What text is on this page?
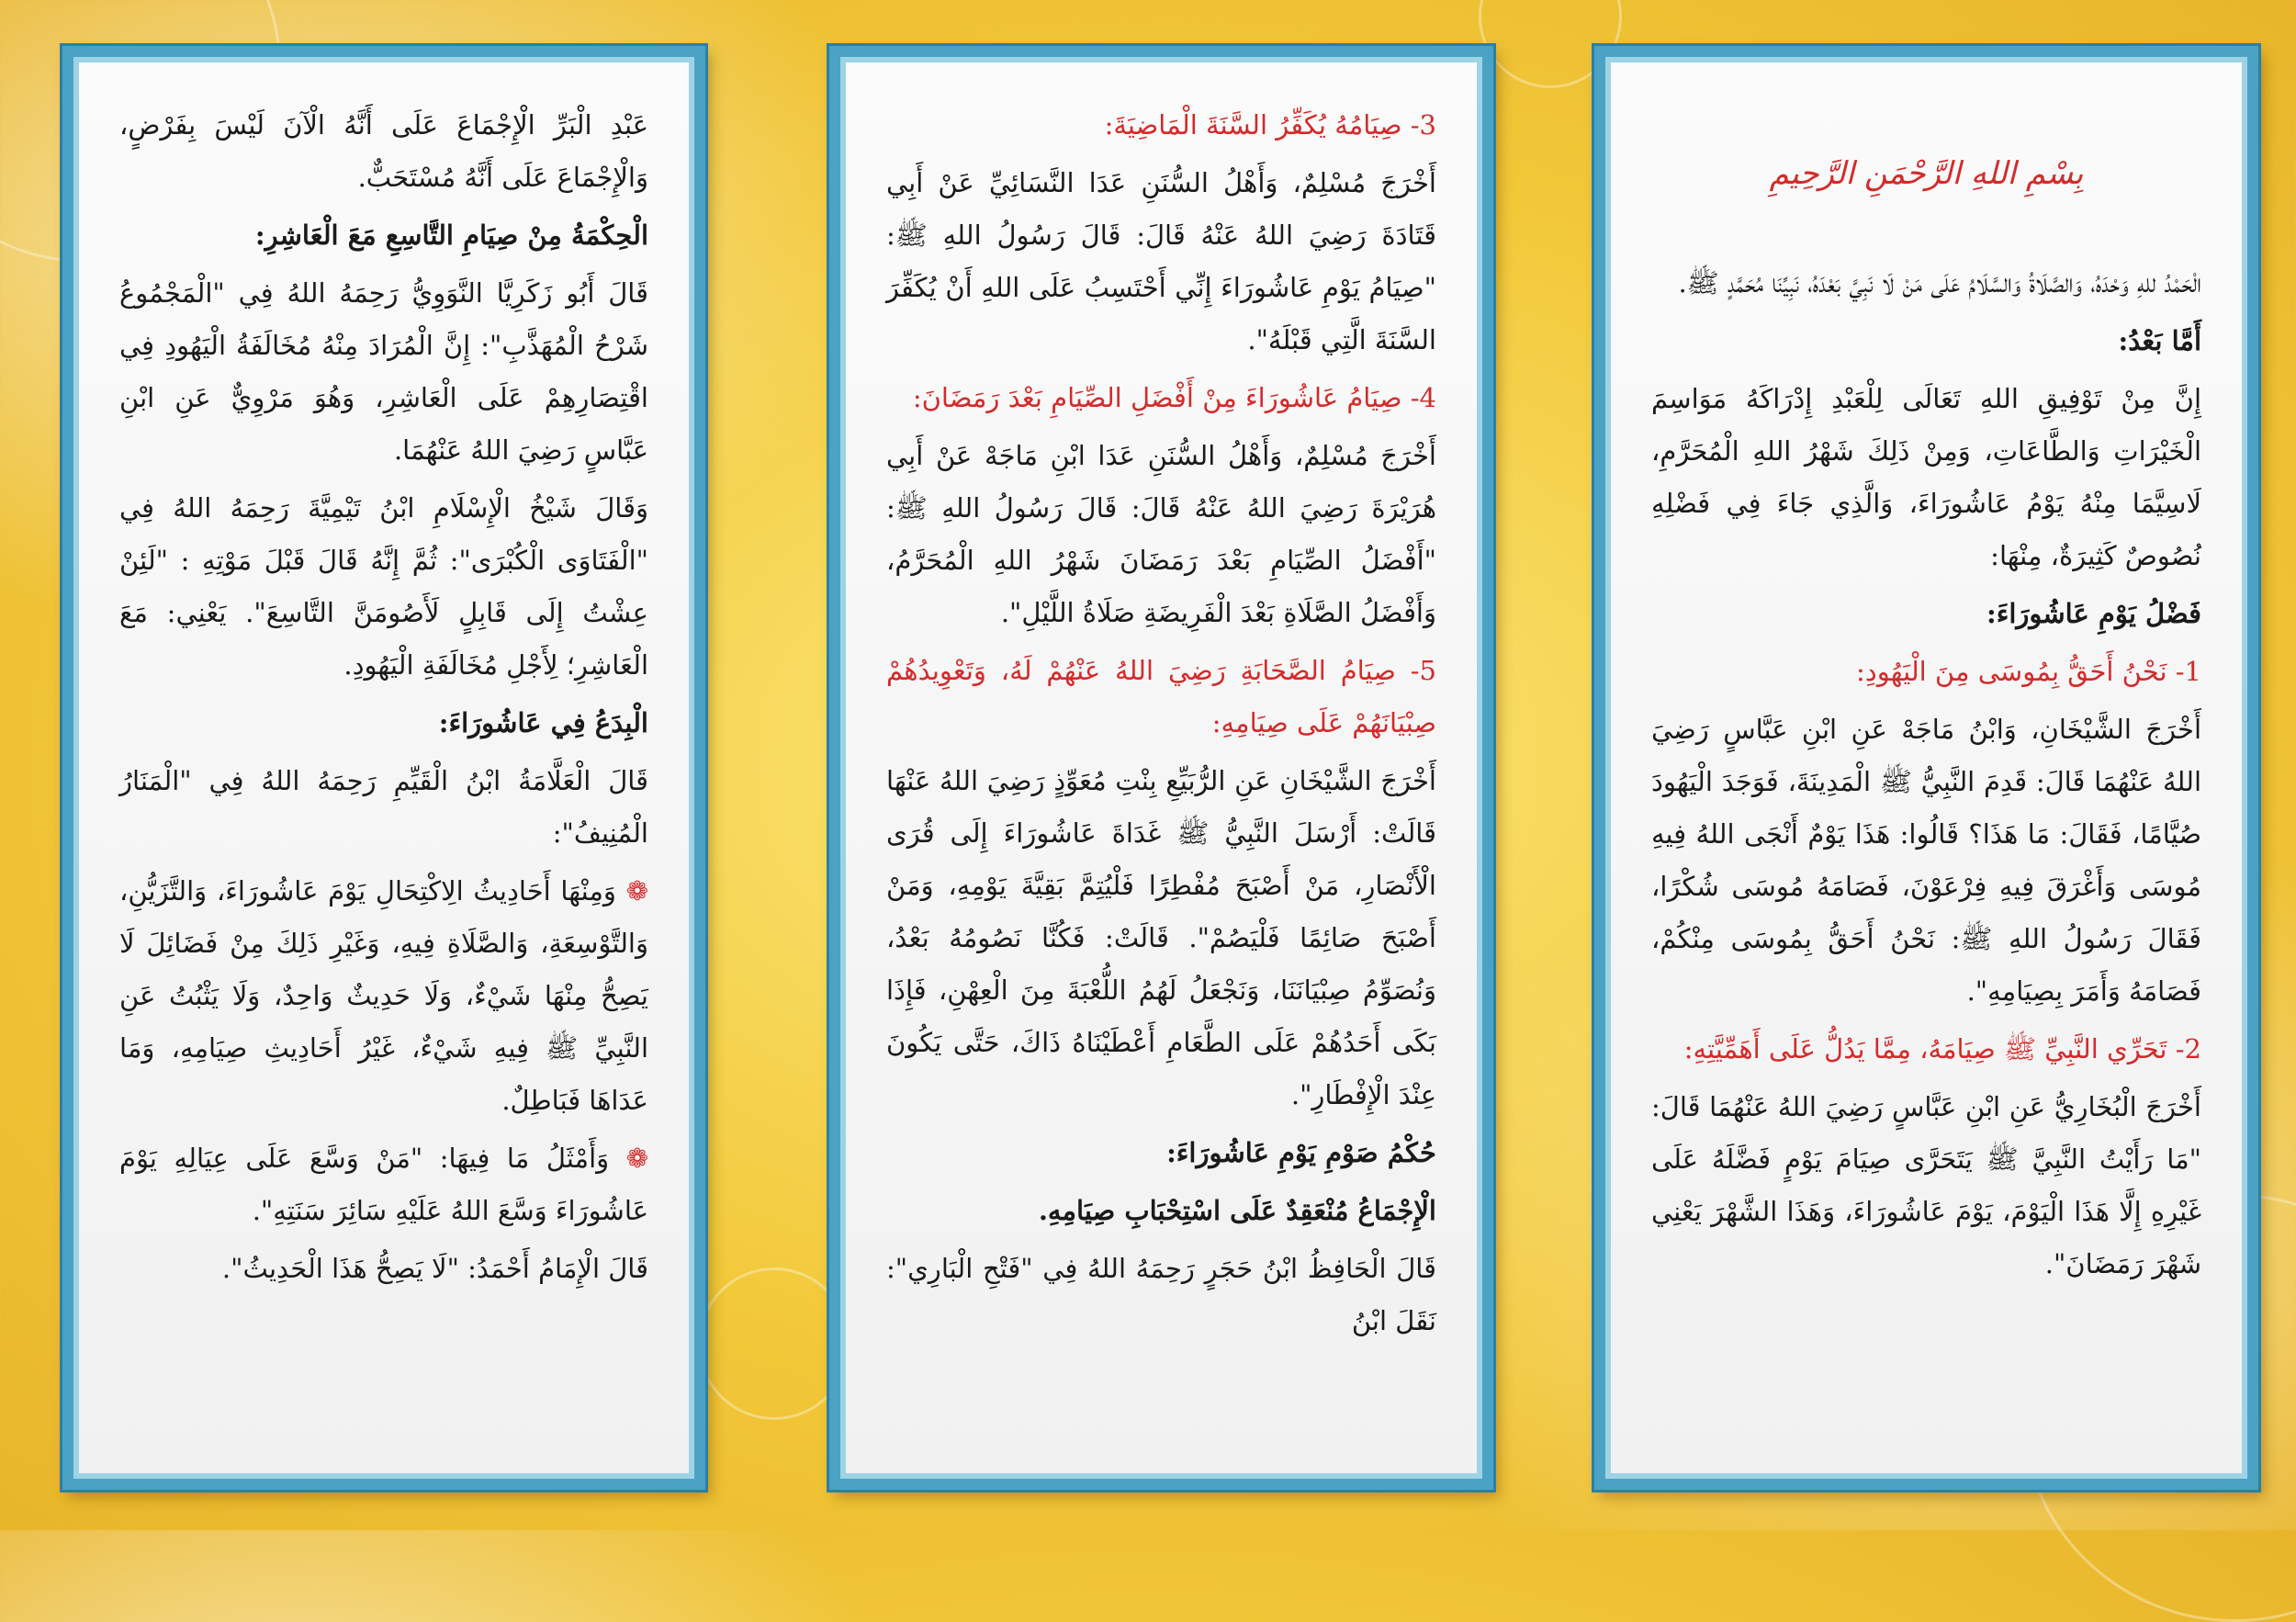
بِسْمِ اللهِ الرَّحْمَنِ الرَّحِيمِ

الْحَمْدُ للهِ وَحْدَهُ، وَالصَّلَاةُ وَالسَّلَامُ عَلَى مَنْ لَا نَبِيَّ بَعْدَهُ، نَبِيِّنَا مُحَمَّدٍ ﷺ.

أَمَّا بَعْدُ:

إِنَّ مِنْ تَوْفِيقِ اللهِ تَعَالَى لِلْعَبْدِ إِدْرَاكَهُ مَوَاسِمَ الْخَيْرَاتِ وَالطَّاعَاتِ، وَمِنْ ذَلِكَ شَهْرُ اللهِ الْمُحَرَّمِ، لَاسِيَّمَا مِنْهُ يَوْمُ عَاشُورَاءَ، وَالَّذِي جَاءَ فِي فَضْلِهِ نُصُوصٌ كَثِيرَةٌ، مِنْهَا:

فَضْلُ يَوْمِ عَاشُورَاءَ:

1- نَحْنُ أَحَقُّ بِمُوسَى مِنَ الْيَهُودِ:

أَخْرَجَ الشَّيْخَانِ، وَابْنُ مَاجَهْ عَنِ ابْنِ عَبَّاسٍ رَضِيَ اللهُ عَنْهُمَا قَالَ: قَدِمَ النَّبِيُّ ﷺ الْمَدِينَةَ، فَوَجَدَ الْيَهُودَ صُيَّامًا، فَقَالَ: مَا هَذَا؟ قَالُوا: هَذَا يَوْمٌ أَنْجَى اللهُ فِيهِ مُوسَى وَأَغْرَقَ فِيهِ فِرْعَوْنَ، فَصَامَهُ مُوسَى شُكْرًا، فَقَالَ رَسُولُ اللهِ ﷺ: نَحْنُ أَحَقُّ بِمُوسَى مِنْكُمْ، فَصَامَهُ وَأَمَرَ بِصِيَامِهِ".

2- تَحَرِّي النَّبِيِّ ﷺ صِيَامَهُ، مِمَّا يَدُلُّ عَلَى أَهَمِّيَّتِهِ:

أَخْرَجَ الْبُخَارِيُّ عَنِ ابْنِ عَبَّاسٍ رَضِيَ اللهُ عَنْهُمَا قَالَ: "مَا رَأَيْتُ النَّبِيَّ ﷺ يَتَحَرَّى صِيَامَ يَوْمٍ فَضَّلَهُ عَلَى غَيْرِهِ إِلَّا هَذَا الْيَوْمَ، يَوْمَ عَاشُورَاءَ، وَهَذَا الشَّهْرَ يَعْنِي شَهْرَ رَمَضَانَ".

3- صِيَامُهُ يُكَفِّرُ السَّنَةَ الْمَاضِيَةَ:

أَخْرَجَ مُسْلِمٌ، وَأَهْلُ السُّنَنِ عَدَا النَّسَائِيِّ عَنْ أَبِي قَتَادَةَ رَضِيَ اللهُ عَنْهُ قَالَ: قَالَ رَسُولُ اللهِ ﷺ: "صِيَامُ يَوْمِ عَاشُورَاءَ إِنِّي أَحْتَسِبُ عَلَى اللهِ أَنْ يُكَفِّرَ السَّنَةَ الَّتِي قَبْلَهُ".

4- صِيَامُ عَاشُورَاءَ مِنْ أَفْضَلِ الصِّيَامِ بَعْدَ رَمَضَانَ:

أَخْرَجَ مُسْلِمٌ، وَأَهْلُ السُّنَنِ عَدَا ابْنِ مَاجَهْ عَنْ أَبِي هُرَيْرَةَ رَضِيَ اللهُ عَنْهُ قَالَ: قَالَ رَسُولُ اللهِ ﷺ: "أَفْضَلُ الصِّيَامِ بَعْدَ رَمَضَانَ شَهْرُ اللهِ الْمُحَرَّمُ، وَأَفْضَلُ الصَّلَاةِ بَعْدَ الْفَرِيضَةِ صَلَاةُ اللَّيْلِ".

5- صِيَامُ الصَّحَابَةِ رَضِيَ اللهُ عَنْهُمْ لَهُ، وَتَعْوِيدُهُمْ صِبْيَانَهُمْ عَلَى صِيَامِهِ:

أَخْرَجَ الشَّيْخَانِ عَنِ الرُّبَيِّعِ بِنْتِ مُعَوِّذٍ رَضِيَ اللهُ عَنْهَا قَالَتْ: أَرْسَلَ النَّبِيُّ ﷺ غَدَاةَ عَاشُورَاءَ إِلَى قُرَى الْأَنْصَارِ، مَنْ أَصْبَحَ مُفْطِرًا فَلْيُتِمَّ بَقِيَّةَ يَوْمِهِ، وَمَنْ أَصْبَحَ صَائِمًا فَلْيَصُمْ". قَالَتْ: فَكُنَّا نَصُومُهُ بَعْدُ، وَنُصَوِّمُ صِبْيَانَنَا، وَنَجْعَلُ لَهُمُ اللُّعْبَةَ مِنَ الْعِهْنِ، فَإِذَا بَكَى أَحَدُهُمْ عَلَى الطَّعَامِ أَعْطَيْنَاهُ ذَاكَ، حَتَّى يَكُونَ عِنْدَ الْإِفْطَارِ".

حُكْمُ صَوْمِ يَوْمِ عَاشُورَاءَ:

الْإِجْمَاعُ مُنْعَقِدٌ عَلَى اسْتِحْبَابِ صِيَامِهِ.

قَالَ الْحَافِظُ ابْنُ حَجَرٍ رَحِمَهُ اللهُ فِي "فَتْحِ الْبَارِي": نَقَلَ ابْنُ

عَبْدِ الْبَرِّ الْإِجْمَاعَ عَلَى أَنَّهُ الْآنَ لَيْسَ بِفَرْضٍ، وَالْإِجْمَاعَ عَلَى أَنَّهُ مُسْتَحَبٌّ.

الْحِكْمَةُ مِنْ صِيَامِ التَّاسِعِ مَعَ الْعَاشِرِ:

قَالَ أَبُو زَكَرِيَّا النَّوَوِيُّ رَحِمَهُ اللهُ فِي "الْمَجْمُوعُ شَرْحُ الْمُهَذَّبِ": إِنَّ الْمُرَادَ مِنْهُ مُخَالَفَةُ الْيَهُودِ فِي اقْتِصَارِهِمْ عَلَى الْعَاشِرِ، وَهُوَ مَرْوِيٌّ عَنِ ابْنِ عَبَّاسٍ رَضِيَ اللهُ عَنْهُمَا.

وَقَالَ شَيْخُ الْإِسْلَامِ ابْنُ تَيْمِيَّةَ رَحِمَهُ اللهُ فِي "الْفَتَاوَى الْكُبْرَى": ثُمَّ إِنَّهُ قَالَ قَبْلَ مَوْتِهِ : "لَئِنْ عِشْتُ إِلَى قَابِلٍ لَأَصُومَنَّ التَّاسِعَ". يَعْنِي: مَعَ الْعَاشِرِ؛ لِأَجْلِ مُخَالَفَةِ الْيَهُودِ.

الْبِدَعُ فِي عَاشُورَاءَ:

قَالَ الْعَلَّامَةُ ابْنُ الْقَيِّمِ رَحِمَهُ اللهُ فِي "الْمَنَارُ الْمُنِيفُ":

❁ وَمِنْهَا أَحَادِيثُ الِاكْتِحَالِ يَوْمَ عَاشُورَاءَ، وَالتَّزَيُّنِ، وَالتَّوْسِعَةِ، وَالصَّلَاةِ فِيهِ، وَغَيْرِ ذَلِكَ مِنْ فَضَائِلَ لَا يَصِحُّ مِنْهَا شَيْءٌ، وَلَا حَدِيثٌ وَاحِدٌ، وَلَا يَثْبُتُ عَنِ النَّبِيِّ ﷺ فِيهِ شَيْءٌ، غَيْرُ أَحَادِيثِ صِيَامِهِ، وَمَا عَدَاهَا فَبَاطِلٌ.

❁ وَأَمْثَلُ مَا فِيهَا: "مَنْ وَسَّعَ عَلَى عِيَالِهِ يَوْمَ عَاشُورَاءَ وَسَّعَ اللهُ عَلَيْهِ سَائِرَ سَنَتِهِ".

قَالَ الْإِمَامُ أَحْمَدُ: "لَا يَصِحُّ هَذَا الْحَدِيثُ".
